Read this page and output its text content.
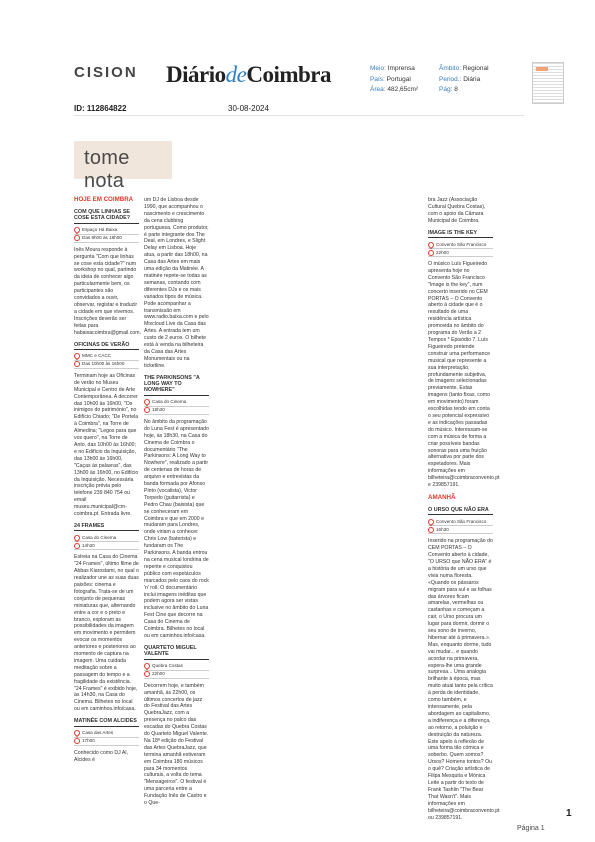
CISION DiáriodeCoimbra	Meio: Imprensa
País: Portugal
Área: 482,65cm²
Âmbito: Regional
Period.: Diária
Pág: 8
ID: 112864822	30-08-2024
tome nota
HOJE EM COIMBRA
COM QUE LINHAS SE COSE ESTA CIDADE?
Espaço Há Baixa
Das 9h00 às 18h00

Inês Moura responde à pergunta "Com que linhas se cose esta cidade?" num workshop no qual, partindo da ideia de conhecer algo particularmente bem, os participantes são convidados a ouvir, observar, registar e traduzir a cidade em que vivemos. Inscrições deverão ser feitas para habaixacoimbra@gmail.com.

OFICINAS DE VERÃO
MMC e CACC
Das 10h00 às 16h00

Terminam hoje as Oficinas de verão no Museu Municipal e Centro de Arte Contemporânea. A decorrer das 10h00 às 16h00, "Os inimigos do património", no Edifício Chiado; "De Portela à Coimbra", na Torre de Almedina; "Legos para que vos quero", na Torre de Anto, das 10h00 às 16h00; e no Edifício da Inquisição, das 13h00 às 16h00, "Caças às palavras", das 13h00 às 16h00, no Edifício da Inquisição. Necessária inscrição prévia pelo telefone 239 840 754 ou email museu.municipal@cm-coimbra.pt. Entrada livre.

24 FRAMES
Casa do Cinema
14h30

Estreia na Casa do Cinema "24 Frames", último filme de Abbas Kiarostami, no qual o realizador une as suas duas paixões: cinema e fotografia. Trata-se de um conjunto de pequenas miniaturas que, alternando entre a cor e o preto e branco, exploram as possibilidades da imagem em movimento e permitem evocar os momentos anteriores e posteriores ao momento de captura na imagem. Uma cuidada meditação sobre a passagem do tempo e a fragilidade da existência. "24 Frames" é exibido hoje, às 14h30, na Casa do Cinema. Bilhetes no local ou em caminhos.info/casa.

MATINÉE COM ALCIDES
Casa das Artes
17h00

Conhecido como DJ Al, Alcides é

um DJ de Lisboa desde 1990, que acompanhou o nascimento e crescimento da cena clubbing portuguesa. Como produtor, é parte integrante dos The Deal, em Londres, e Slight Delay em Lisboa. Hoje atua, a partir das 18h00, na Casa das Artes em mais uma edição da Matinée. A matinée repete-se todas as semanas, contando com diferentes DJs e os mais variados tipos de música. Pode acompanhar a transmissão em www.radio.baixa.com e pelo Mixcloud Live da Casa das Artes. A entrada tem um custo de 2 euros. O bilhete está à venda na bilheteira da Casa das Artes Monumentais ou na ticketline.

THE PARKINSONS "A LONG WAY TO NOWHERE"
Casa do Cinema
18h30

No âmbito da programação do Luna Fest é apresentado hoje, às 18h30, na Casa do Cinema de Coimbra o documentário "The Parkinsons: A Long Way to Nowhere", realizado a partir de centenas de horas de arquivo e entrevistas da banda formada por Afonso Pinto (vocalista), Victor Torpedo (guitarrista) e Pedro Chau (baixista) que se conheceram em Coimbra e que em 2000 e mudaram para Londres, onde viriam a conhecer Chris Low (baterista) e fundaram os The Parkinsons. A banda entrou na cena musical londrina de repente e conquistou público com espetáculos marcados pelo caos do rock 'n' roll. O documentário inclui imagens inéditas que podem agora ser vistas inclusive no âmbito do Luna Fest Cine que decorre na Casa do Cinema de Coimbra. Bilhetes no local ou em caminhos.info/casa.

QUARTETO MIGUEL VALENTE
Quebra Costas
22h00

Decorrem hoje, e também amanhã, às 22h00, os últimos concertos de jazz do Festival das Artes QuebraJazz, com a presença no palco das escadas do Quebra Costas do Quarteto Miguel Valente. Na 18ª edição do Festival das Artes QuebraJazz, que termina amanhã estiveram em Coimbra 180 músicos para 34 momentos culturais, a volta do tema "Mensageiros". O festival é uma parceria entre a Fundação Inês de Castro e o Que-

bra Jazz (Associação Cultural Quebra Costas), com o apoio da Câmara Municipal de Coimbra.

IMAGE IS THE KEY
Convento São Francisco
22h00

O músico Luís Figueiredo apresenta hoje no Convento São Francisco "Image is the key", num concerto inserido no CEM PORTAS – O Convento aberto à cidade que é o resultado de uma residência artística promovida no âmbito do programa do Verão a 2 Tempos * Episódio 7. Luís Figueiredo pretende construir uma performance musical que represente a sua interpretação, profundamente subjetiva, de imagens selecionadas previamente. Estas imagens (tanto fixas, como em movimento) foram escolhidas tendo em conta o seu potencial expressivo e as indicações passadas do músico. Interessam-se com a música de forma a criar possíveis bandas sonoras para uma fruição alternativa por parte dos espetadores. Mais informações em bilheteira@coimbraconvento.pt e 239857191.

AMANHÃ
O URSO QUE NÃO ERA
Convento São Francisco
16h30

Inserido na programação do CEM PORTAS – O Convento aberto à cidade, "O URSO que NÃO ERA" é a história de um urso que vivia numa floresta. «Quando os pássaros migram para sul e as folhas das árvores ficam amarelas, vermelhas ou castanhas e começam a cair, o Urso procura um lugar para dormir, dormir o seu sono de inverno, hibernar até à primavera.». Mas, enquanto dorme, tudo vai mudar... e quando acordar na primavera, espera-lhe uma grande surpresa... Uma analogia brilhante à época, mas muito atual tanto pela crítica à perda de identidade, como também, e intensamente, pela abordagem ao capitalismo, a indiferença e a diferença, ao retorno, a poluição e destruição da natureza. Este apelo à reflexão de uma forma tão cómica e soberbo. Quem somos? Ursos? Homens tontos? Ou o quê? Criação artística de Filipa Mesquita e Mónica Leite a partir do texto de Frank Tashlin "The Bear That Wasn't". Mais informações em bilheteira@coimbraconvento.pt ou 239857191.	1
Página 1
